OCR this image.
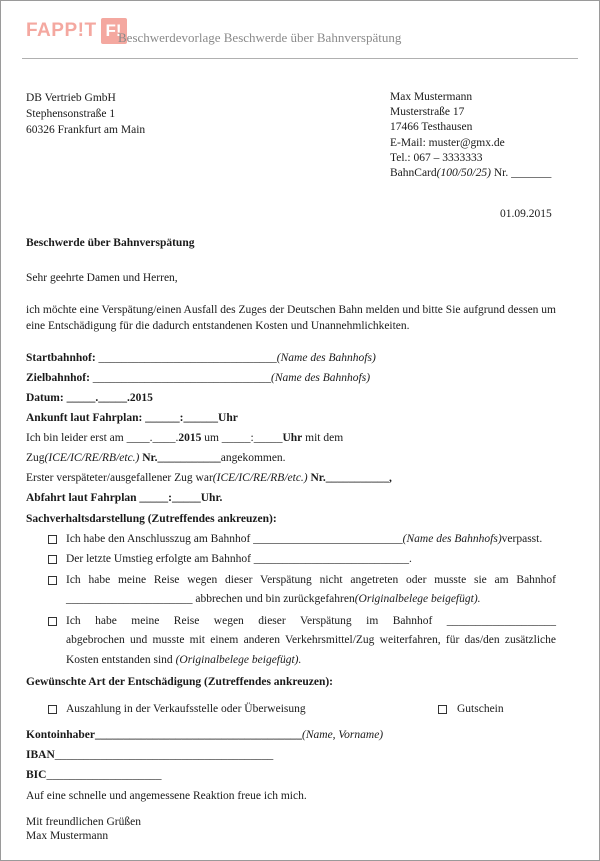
FAPP!T F!
Beschwerdevorlage Beschwerde über Bahnverspätung
DB Vertrieb GmbH
Stephensonstraße 1
60326 Frankfurt am Main
Max Mustermann
Musterstraße 17
17466 Testhausen
E-Mail: muster@gmx.de
Tel.: 067 – 3333333
BahnCard(100/50/25) Nr. _______
01.09.2015
Beschwerde über Bahnverspätung
Sehr geehrte Damen und Herren,
ich möchte eine Verspätung/einen Ausfall des Zuges der Deutschen Bahn melden und bitte Sie aufgrund dessen um eine Entschädigung für die dadurch entstandenen Kosten und Unannehmlichkeiten.
Startbahnhof: _______________________________(Name des Bahnhofs)
Zielbahnhof: _______________________________(Name des Bahnhofs)
Datum: _____._____.2015
Ankunft laut Fahrplan: ______:______Uhr
Ich bin leider erst am ____.____.2015 um _____:_____Uhr mit dem
Zug(ICE/IC/RE/RB/etc.) Nr.___________angekommen.
Erster verspäteter/ausgefallener Zug war(ICE/IC/RE/RB/etc.) Nr.___________,
Abfahrt laut Fahrplan _____:_____Uhr.
Sachverhaltsdarstellung (Zutreffendes ankreuzen):
Ich habe den Anschlusszug am Bahnhof __________________________(Name des Bahnhofs)verpasst.
Der letzte Umstieg erfolgte am Bahnhof ___________________________.
Ich habe meine Reise wegen dieser Verspätung nicht angetreten oder musste sie am Bahnhof
______________________ abbrechen und bin zurückgefahren(Originalbelege beigefügt).
Ich habe meine Reise wegen dieser Verspätung im Bahnhof ___________________
abgebrochen und musste mit einem anderen Verkehrsmittel/Zug weiterfahren, für das/den zusätzliche
Kosten entstanden sind (Originalbelege beigefügt).
Gewünschte Art der Entschädigung (Zutreffendes ankreuzen):
Auszahlung in der Verkaufsstelle oder Überweisung	Gutschein
Kontoinhaber____________________________________(Name, Vorname)
IBAN______________________________________
BIC____________________
Auf eine schnelle und angemessene Reaktion freue ich mich.
Mit freundlichen Grüßen
Max Mustermann
